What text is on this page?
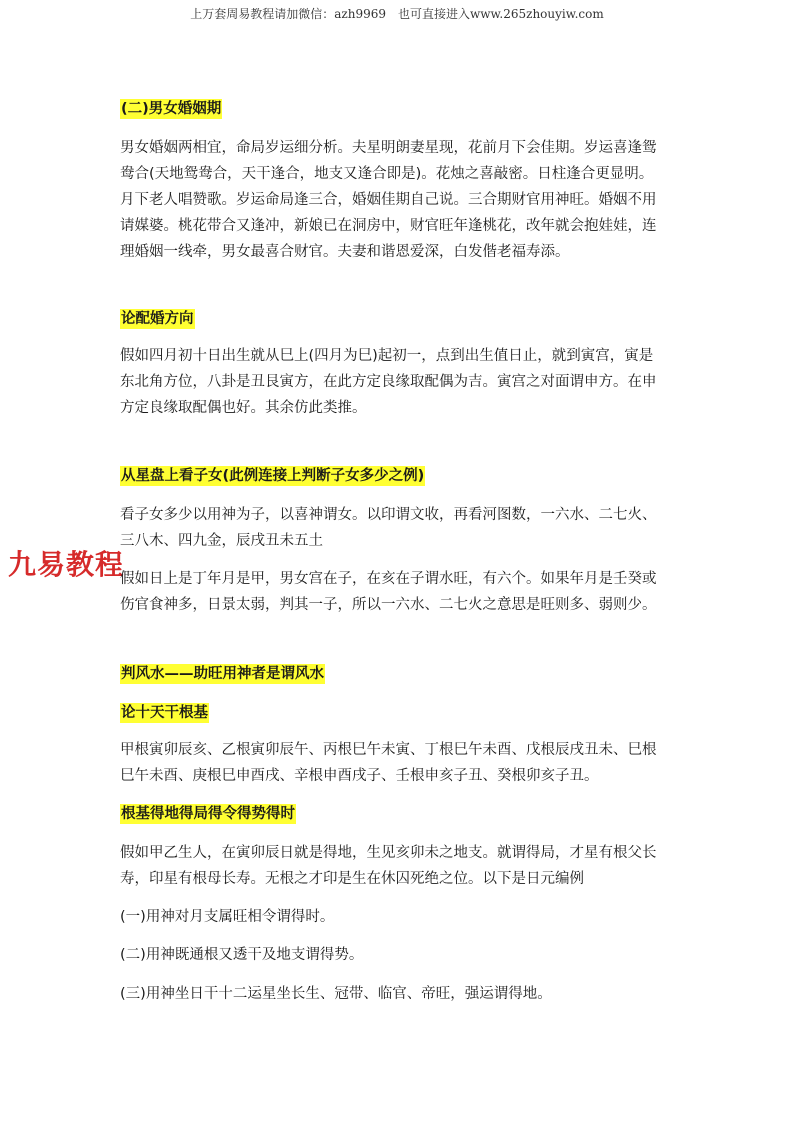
上万套周易教程请加微信：azh9969　也可直接进入www.265zhouyiw.com
九易教程
(二)男女婚姻期

男女婚姻两相宜，命局岁运细分析。夫星明朗妻星现，花前月下会佳期。岁运喜逢鸳鸯合(天地鸳鸯合，天干逢合，地支又逢合即是)。花烛之喜敲密。日柱逢合更显明。月下老人唱赞歌。岁运命局逢三合，婚姻佳期自己说。三合期财官用神旺。婚姻不用请媒婆。桃花带合又逢冲，新娘已在洞房中，财官旺年逢桃花，改年就会抱娃娃，连理婚姻一线牵，男女最喜合财官。夫妻和谐恩爱深，白发偕老福寿添。

论配婚方向

假如四月初十日出生就从巳上(四月为巳)起初一，点到出生值日止，就到寅宫，寅是东北角方位，八卦是丑艮寅方，在此方定良缘取配偶为吉。寅宫之对面谓申方。在申方定良缘取配偶也好。其余仿此类推。

从星盘上看子女(此例连接上判断子女多少之例)

看子女多少以用神为子，以喜神谓女。以印谓文收，再看河图数，一六水、二七火、三八木、四九金，辰戌丑未五土

假如日上是丁年月是甲，男女宫在子，在亥在子谓水旺，有六个。如果年月是壬癸或伤官食神多，日景太弱，判其一子，所以一六水、二七火之意思是旺则多、弱则少。

判风水——助旺用神者是谓风水
论十天干根基

甲根寅卯辰亥、乙根寅卯辰午、丙根巳午未寅、丁根巳午未酉、戊根辰戌丑未、巳根巳午未酉、庚根巳申酉戌、辛根申酉戌子、壬根申亥子丑、癸根卯亥子丑。

根基得地得局得令得势得时

假如甲乙生人，在寅卯辰日就是得地，生见亥卯未之地支。就谓得局，才星有根父长寿，印星有根母长寿。无根之才印是生在休囚死绝之位。以下是日元编例

(一)用神对月支属旺相令谓得时。

(二)用神既通根又透干及地支谓得势。

(三)用神坐日干十二运星坐长生、冠带、临官、帝旺，强运谓得地。
